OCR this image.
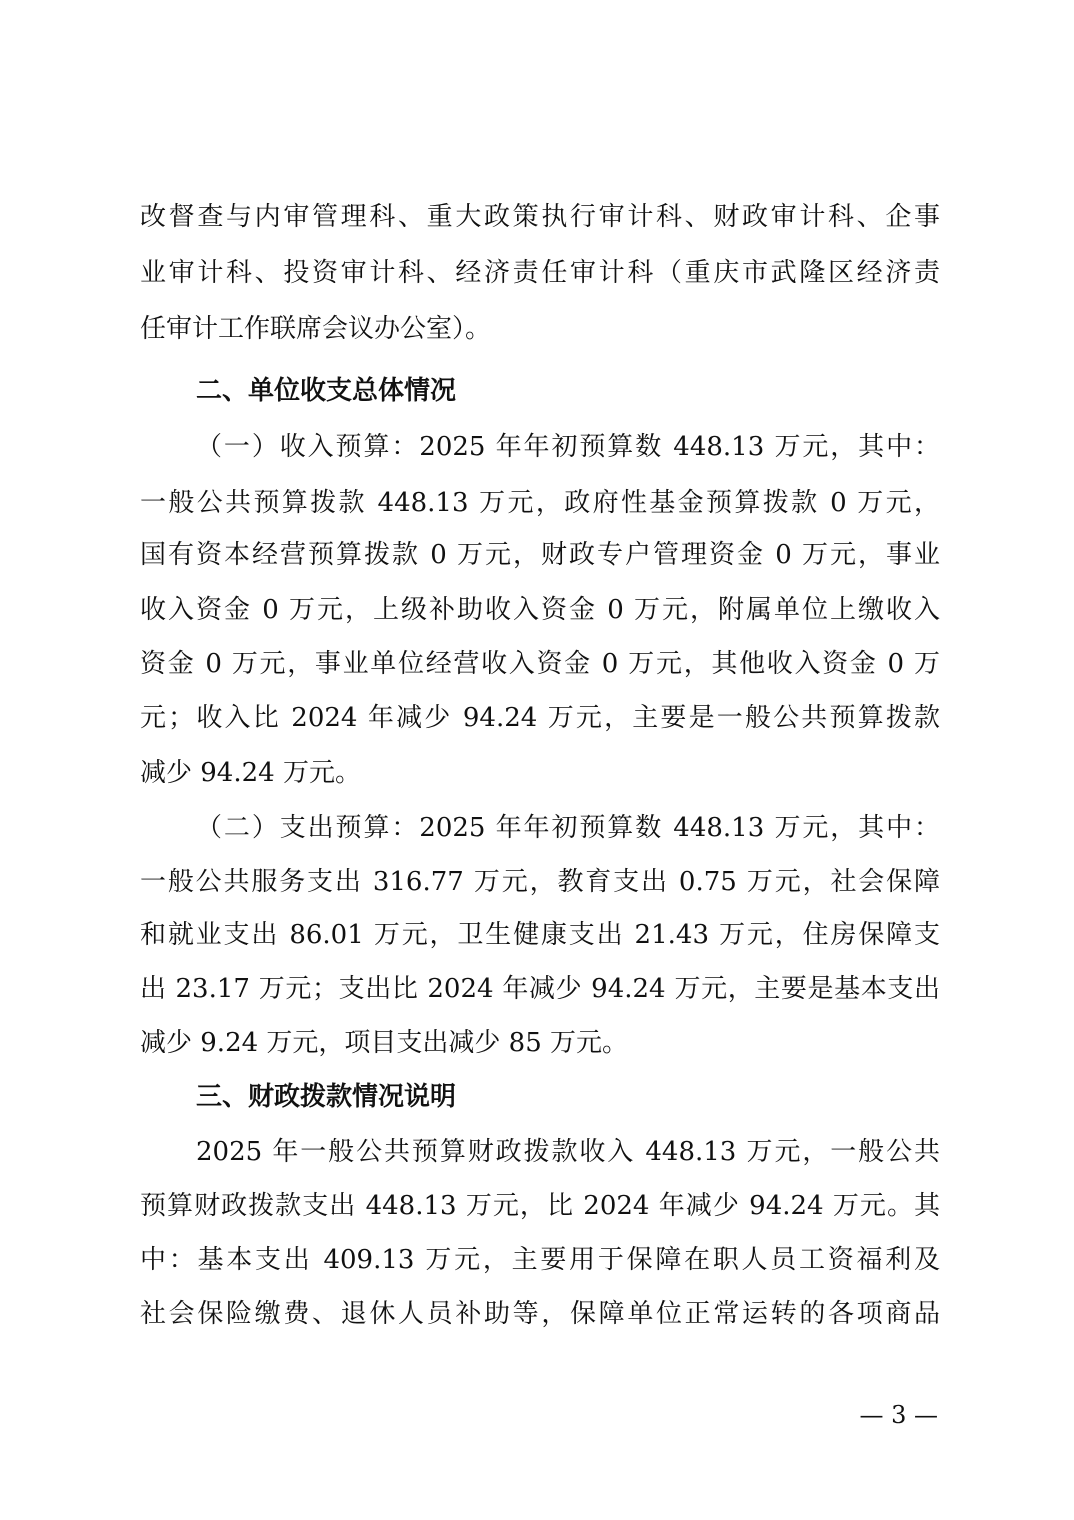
改督查与内审管理科、重大政策执行审计科、财政审计科、企事
业审计科、投资审计科、经济责任审计科（重庆市武隆区经济责
任审计工作联席会议办公室）。
二、单位收支总体情况
（一）收入预算：2025 年年初预算数 448.13 万元，其中：
一般公共预算拨款 448.13 万元，政府性基金预算拨款 0 万元，
国有资本经营预算拨款 0 万元，财政专户管理资金 0 万元，事业
收入资金 0 万元，上级补助收入资金 0 万元，附属单位上缴收入
资金 0 万元，事业单位经营收入资金 0 万元，其他收入资金 0 万
元；收入比 2024 年减少 94.24 万元，主要是一般公共预算拨款
减少 94.24 万元。
（二）支出预算：2025 年年初预算数 448.13 万元，其中：
一般公共服务支出 316.77 万元，教育支出 0.75 万元，社会保障
和就业支出 86.01 万元，卫生健康支出 21.43 万元，住房保障支
出 23.17 万元；支出比 2024 年减少 94.24 万元，主要是基本支出
减少 9.24 万元，项目支出减少 85 万元。
三、财政拨款情况说明
2025 年一般公共预算财政拨款收入 448.13 万元，一般公共
预算财政拨款支出 448.13 万元，比 2024 年减少 94.24 万元。其
中：基本支出 409.13 万元，主要用于保障在职人员工资福利及
社会保险缴费、退休人员补助等，保障单位正常运转的各项商品
— 3 —
